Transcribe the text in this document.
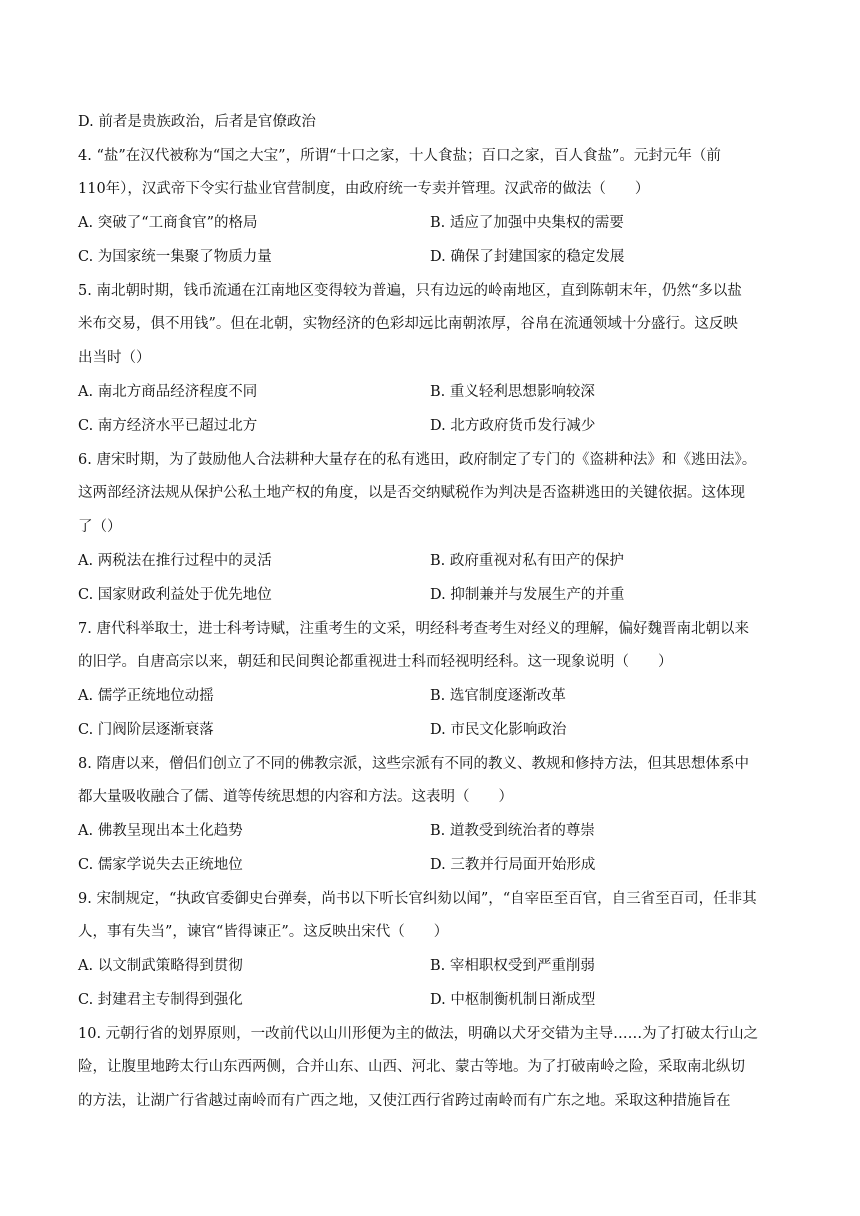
D. 前者是贵族政治，后者是官僚政治
4. “盐”在汉代被称为“国之大宝”，所谓“十口之家，十人食盐；百口之家，百人食盐”。元封元年（前
110年），汉武帝下令实行盐业官营制度，由政府统一专卖并管理。汉武帝的做法（　　）
A. 突破了“工商食官”的格局	B. 适应了加强中央集权的需要
C. 为国家统一集聚了物质力量	D. 确保了封建国家的稳定发展
5. 南北朝时期，钱币流通在江南地区变得较为普遍，只有边远的岭南地区，直到陈朝末年，仍然“多以盐
米布交易，俱不用钱”。但在北朝，实物经济的色彩却远比南朝浓厚，谷帛在流通领域十分盛行。这反映
出当时（）
A. 南北方商品经济程度不同	B. 重义轻利思想影响较深
C. 南方经济水平已超过北方	D. 北方政府货币发行减少
6. 唐宋时期，为了鼓励他人合法耕种大量存在的私有逃田，政府制定了专门的《盗耕种法》和《逃田法》。
这两部经济法规从保护公私土地产权的角度，以是否交纳赋税作为判决是否盗耕逃田的关键依据。这体现
了（）
A. 两税法在推行过程中的灵活	B. 政府重视对私有田产的保护
C. 国家财政利益处于优先地位	D. 抑制兼并与发展生产的并重
7. 唐代科举取士，进士科考诗赋，注重考生的文采，明经科考查考生对经义的理解，偏好魏晋南北朝以来
的旧学。自唐高宗以来，朝廷和民间舆论都重视进士科而轻视明经科。这一现象说明（　　）
A. 儒学正统地位动摇	B. 选官制度逐渐改革
C. 门阀阶层逐渐衰落	D. 市民文化影响政治
8. 隋唐以来，僧侣们创立了不同的佛教宗派，这些宗派有不同的教义、教规和修持方法，但其思想体系中
都大量吸收融合了儒、道等传统思想的内容和方法。这表明（　　）
A. 佛教呈现出本土化趋势	B. 道教受到统治者的尊崇
C. 儒家学说失去正统地位	D. 三教并行局面开始形成
9. 宋制规定，“执政官委御史台弹奏，尚书以下听长官纠劾以闻”，“自宰臣至百官，自三省至百司，任非其
人，事有失当”，谏官“皆得谏正”。这反映出宋代（　　）
A. 以文制武策略得到贯彻	B. 宰相职权受到严重削弱
C. 封建君主专制得到强化	D. 中枢制衡机制日渐成型
10. 元朝行省的划界原则，一改前代以山川形便为主的做法，明确以犬牙交错为主导……为了打破太行山之
险，让腹里地跨太行山东西两侧，合并山东、山西、河北、蒙古等地。为了打破南岭之险，采取南北纵切
的方法，让湖广行省越过南岭而有广西之地，又使江西行省跨过南岭而有广东之地。采取这种措施旨在
